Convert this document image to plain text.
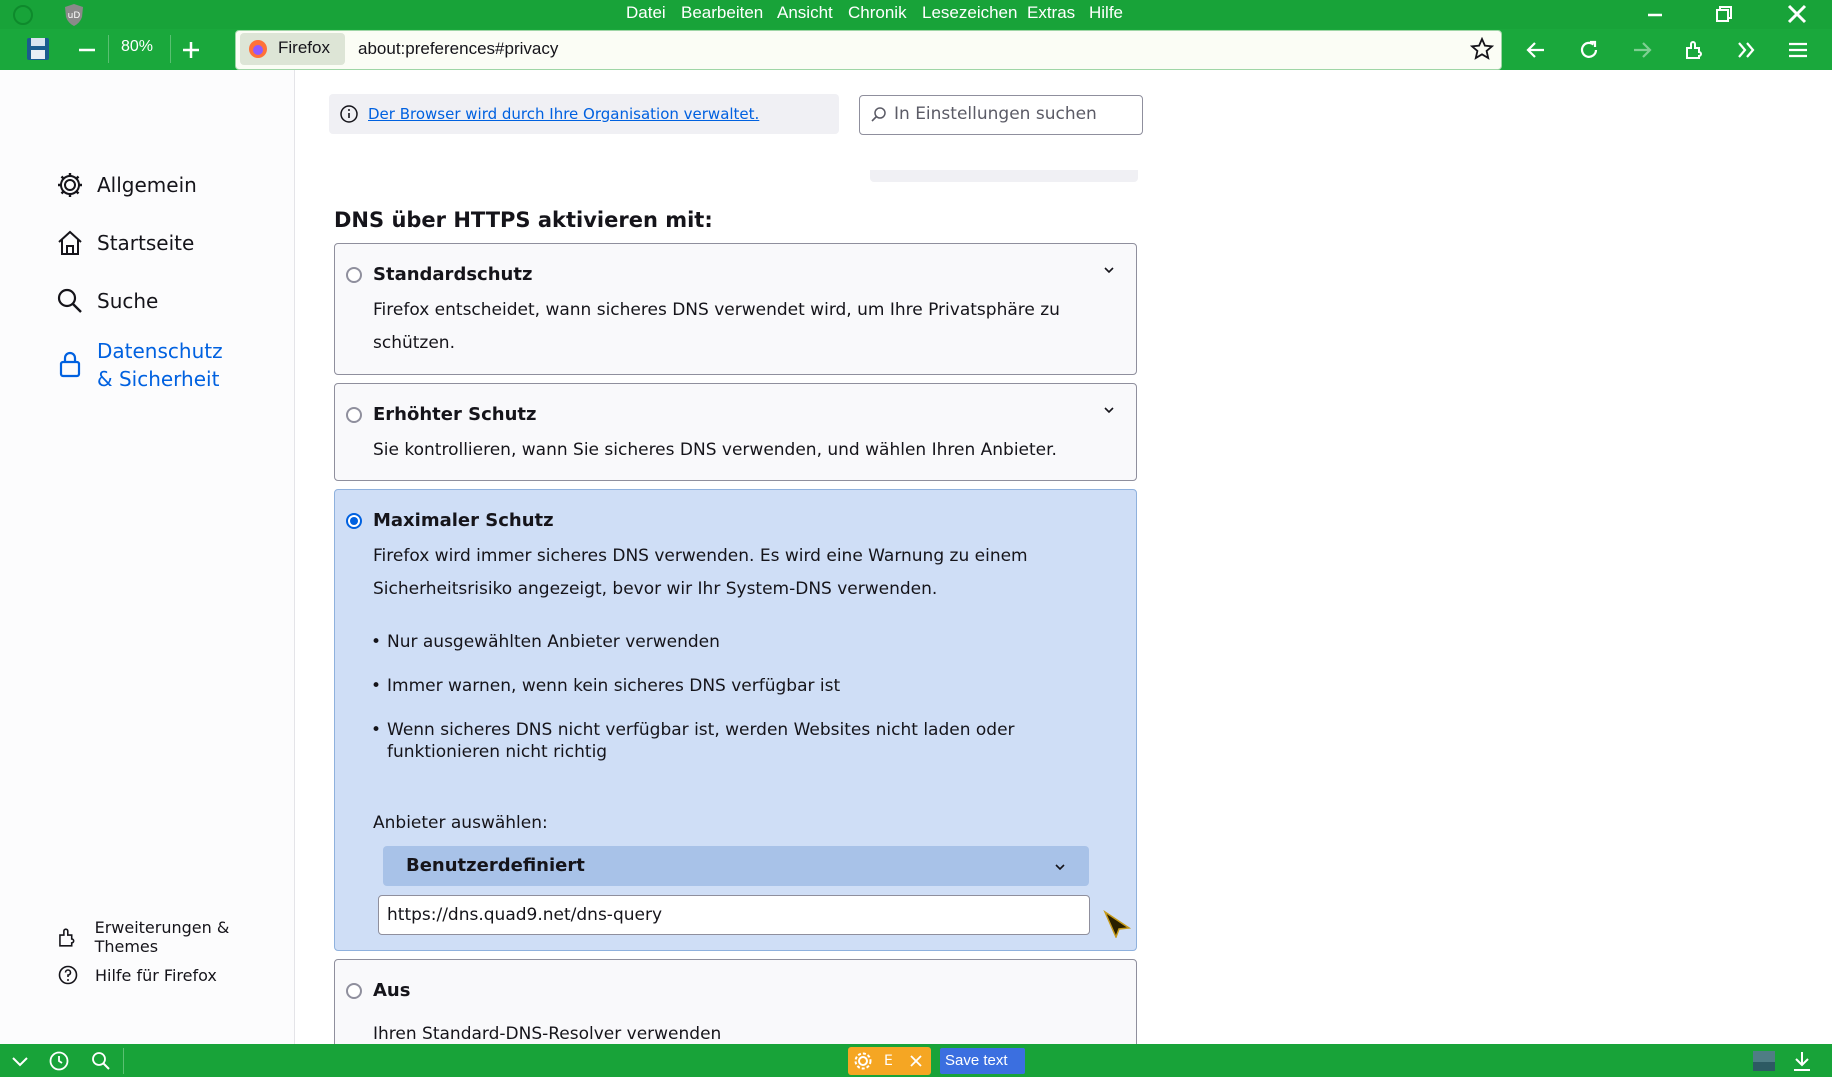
uD	Datei Bearbeiten Ansicht Chronik Lesezeichen Extras Hilfe
80%	Firefox about:preferences#privacy
Allgemein
Startseite
Suche
Datenschutz & Sicherheit
Erweiterungen & Themes
Hilfe für Firefox
Der Browser wird durch Ihre Organisation verwaltet.	In Einstellungen suchen
DNS über HTTPS aktivieren mit:
Standardschutz
Firefox entscheidet, wann sicheres DNS verwendet wird, um Ihre Privatsphäre zu schützen.
Erhöhter Schutz
Sie kontrollieren, wann Sie sicheres DNS verwenden, und wählen Ihren Anbieter.
Maximaler Schutz
Firefox wird immer sicheres DNS verwenden. Es wird eine Warnung zu einem Sicherheitsrisiko angezeigt, bevor wir Ihr System-DNS verwenden.
• Nur ausgewählten Anbieter verwenden
• Immer warnen, wenn kein sicheres DNS verfügbar ist
• Wenn sicheres DNS nicht verfügbar ist, werden Websites nicht laden oder funktionieren nicht richtig
Anbieter auswählen:
Benutzerdefiniert
https://dns.quad9.net/dns-query
Aus
Ihren Standard-DNS-Resolver verwenden
E	Save text
